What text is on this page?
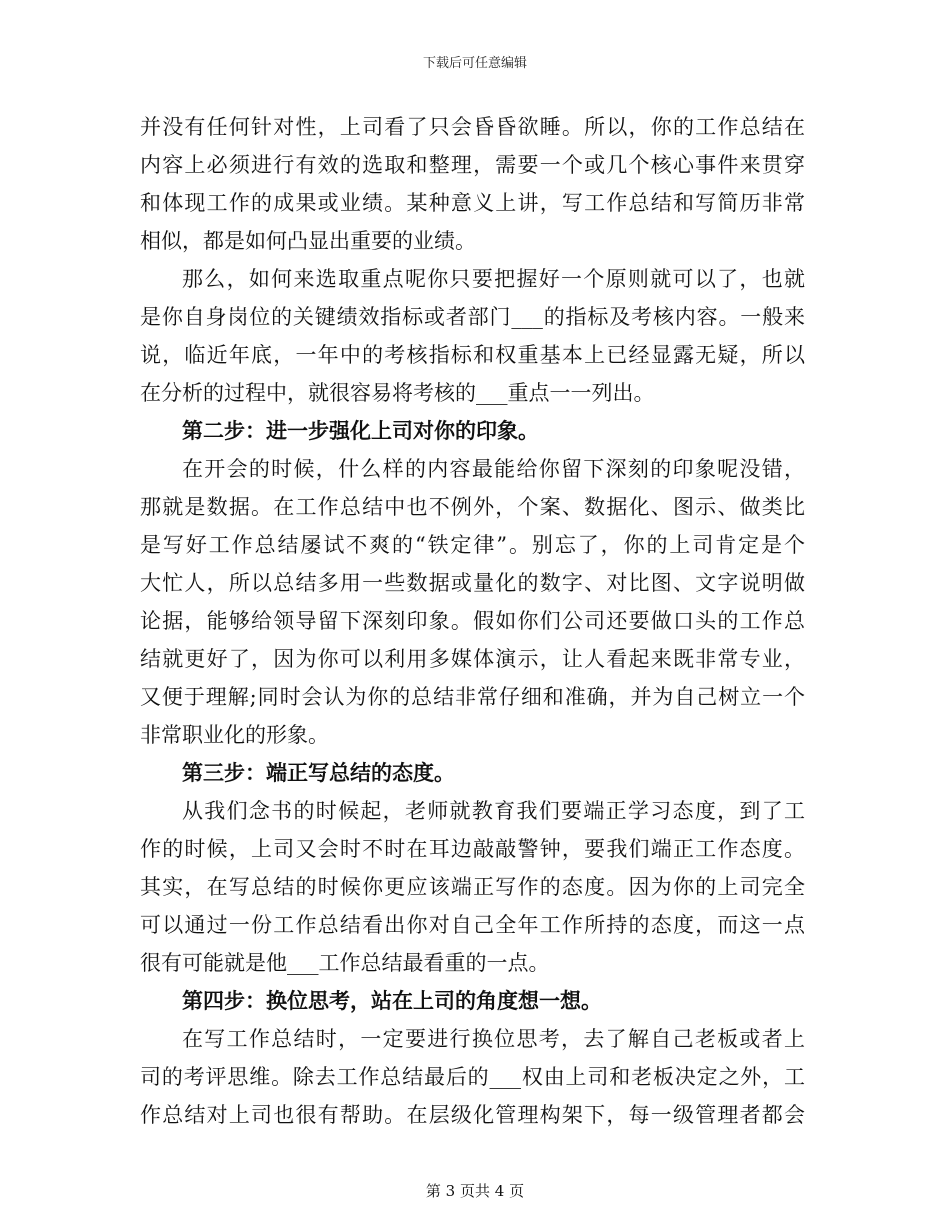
下载后可任意编辑
并没有任何针对性，上司看了只会昏昏欲睡。所以，你的工作总结在
内容上必须进行有效的选取和整理，需要一个或几个核心事件来贯穿
和体现工作的成果或业绩。某种意义上讲，写工作总结和写简历非常
相似，都是如何凸显出重要的业绩。
那么，如何来选取重点呢你只要把握好一个原则就可以了，也就
是你自身岗位的关键绩效指标或者部门___的指标及考核内容。一般来
说，临近年底，一年中的考核指标和权重基本上已经显露无疑，所以
在分析的过程中，就很容易将考核的___重点一一列出。
第二步：进一步强化上司对你的印象。
在开会的时候，什么样的内容最能给你留下深刻的印象呢没错，
那就是数据。在工作总结中也不例外，个案、数据化、图示、做类比
是写好工作总结屡试不爽的“铁定律”。别忘了，你的上司肯定是个
大忙人，所以总结多用一些数据或量化的数字、对比图、文字说明做
论据，能够给领导留下深刻印象。假如你们公司还要做口头的工作总
结就更好了，因为你可以利用多媒体演示，让人看起来既非常专业，
又便于理解;同时会认为你的总结非常仔细和准确，并为自己树立一个
非常职业化的形象。
第三步：端正写总结的态度。
从我们念书的时候起，老师就教育我们要端正学习态度，到了工
作的时候，上司又会时不时在耳边敲敲警钟，要我们端正工作态度。
其实，在写总结的时候你更应该端正写作的态度。因为你的上司完全
可以通过一份工作总结看出你对自己全年工作所持的态度，而这一点
很有可能就是他___工作总结最看重的一点。
第四步：换位思考，站在上司的角度想一想。
在写工作总结时，一定要进行换位思考，去了解自己老板或者上
司的考评思维。除去工作总结最后的___权由上司和老板决定之外，工
作总结对上司也很有帮助。在层级化管理构架下，每一级管理者都会
第 3 页共 4 页
